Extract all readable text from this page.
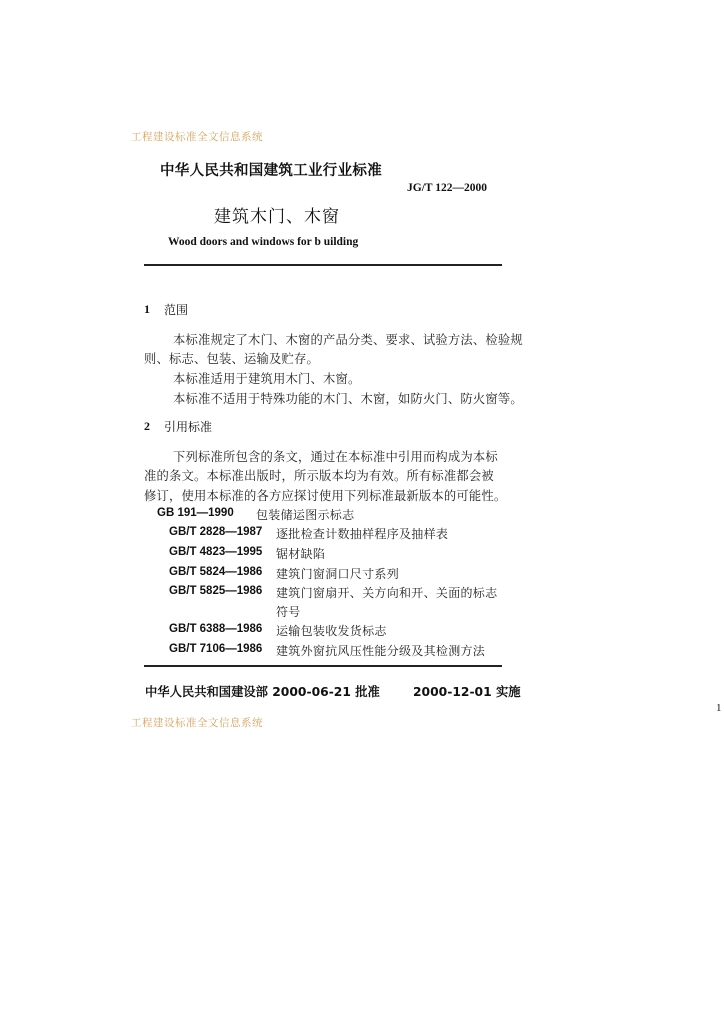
工程建设标准全文信息系统
中华人民共和国建筑工业行业标准
JG/T 122—2000
建筑木门、木窗
Wood doors and windows for b uilding
1 范围
本标准规定了木门、木窗的产品分类、要求、试验方法、检验规
则、标志、包装、运输及贮存。
本标准适用于建筑用木门、木窗。
本标准不适用于特殊功能的木门、木窗，如防火门、防火窗等。
2 引用标准
下列标准所包含的条文，通过在本标准中引用而构成为本标
准的条文。本标准出版时，所示版本均为有效。所有标准都会被
修订，使用本标准的各方应探讨使用下列标准最新版本的可能性。
GB 191—1990 包装储运图示标志
GB/T 2828—1987 逐批检查计数抽样程序及抽样表
GB/T 4823—1995 锯材缺陷
GB/T 5824—1986 建筑门窗洞口尺寸系列
GB/T 5825—1986 建筑门窗扇开、关方向和开、关面的标志
符号
GB/T 6388—1986 运输包装收发货标志
GB/T 7106—1986 建筑外窗抗风压性能分级及其检测方法
中华人民共和国建设部 2000-06-21 批准	2000-12-01 实施
1
工程建设标准全文信息系统
